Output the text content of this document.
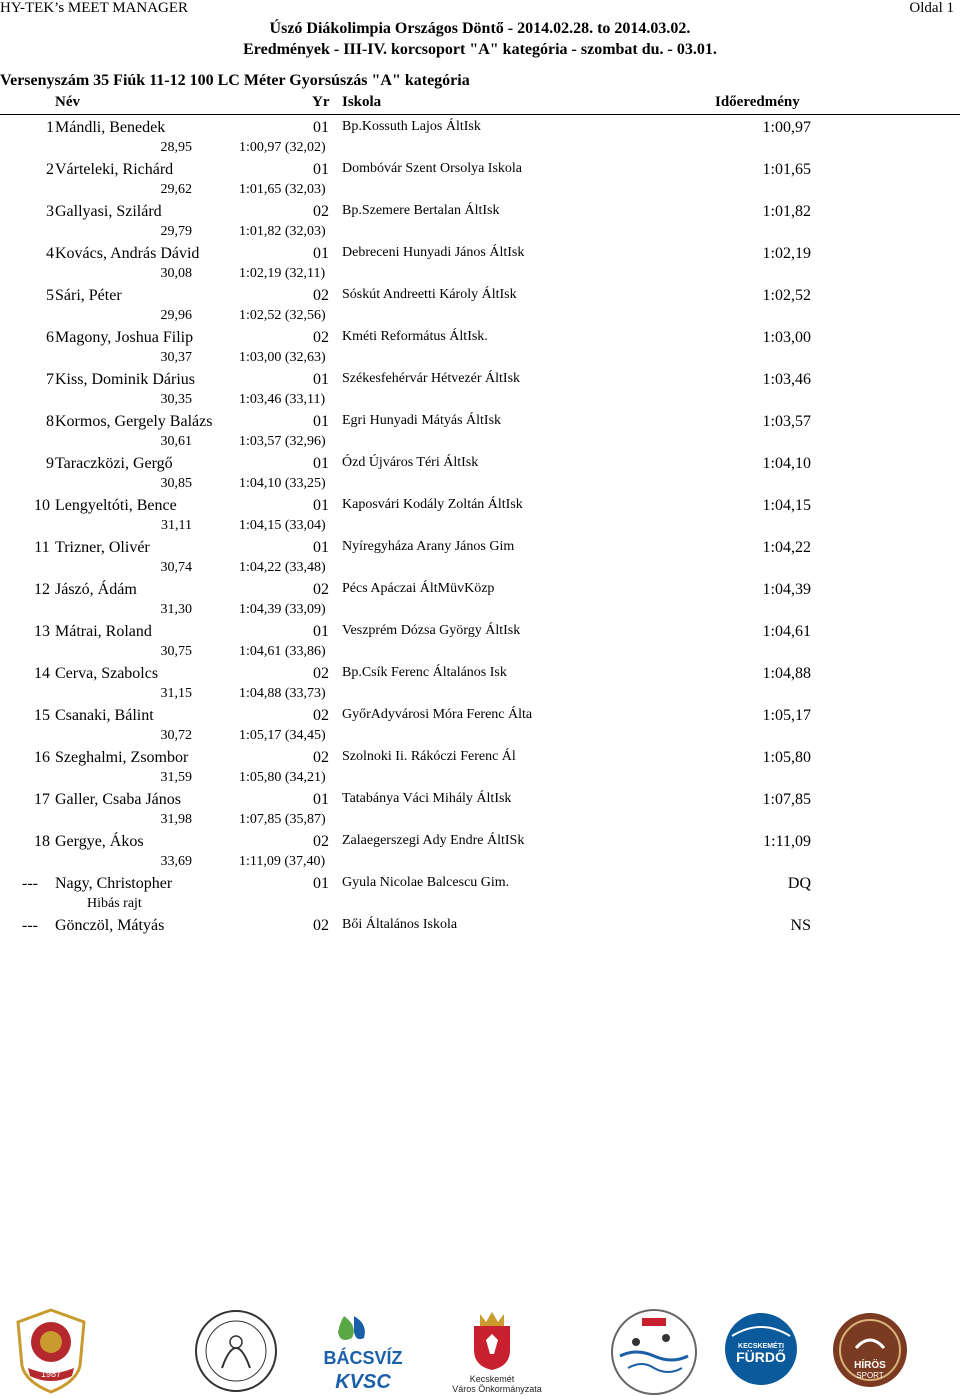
HY-TEK’s MEET MANAGER	Oldal 1
Úszó Diákolimpia Országos Döntő - 2014.02.28. to 2014.03.02.
Eredmények - III-IV. korcsoport "A" kategória - szombat du. - 03.01.
Versenyszám 35 Fiúk 11-12 100 LC Méter Gyorsúszás "A" kategória
Név	Yr Iskola	Időeredmény
1 Mándli, Benedek	01 Bp.Kossuth Lajos ÁltIsk	1:00,97
28,95	1:00,97 (32,02)
2 Várteleki, Richárd	01 Dombóvár Szent Orsolya Iskola	1:01,65
29,62	1:01,65 (32,03)
3 Gallyasi, Szilárd	02 Bp.Szemere Bertalan ÁltIsk	1:01,82
29,79	1:01,82 (32,03)
4 Kovács, András Dávid	01 Debreceni Hunyadi János ÁltIsk	1:02,19
30,08	1:02,19 (32,11)
5 Sári, Péter	02 Sóskút Andreetti Károly ÁltIsk	1:02,52
29,96	1:02,52 (32,56)
6 Magony, Joshua Filip	02 Kméti Református ÁltIsk.	1:03,00
30,37	1:03,00 (32,63)
7 Kiss, Dominik Dárius	01 Székesfehérvár Hétvezér ÁltIsk	1:03,46
30,35	1:03,46 (33,11)
8 Kormos, Gergely Balázs	01 Egri Hunyadi Mátyás ÁltIsk	1:03,57
30,61	1:03,57 (32,96)
9 Taraczközi, Gergő	01 Ózd Újváros Téri ÁltIsk	1:04,10
30,85	1:04,10 (33,25)
10 Lengyeltóti, Bence	01 Kaposvári Kodály Zoltán ÁltIsk	1:04,15
31,11	1:04,15 (33,04)
11 Trizner, Olivér	01 Nyíregyháza Arany János Gim	1:04,22
30,74	1:04,22 (33,48)
12 Jászó, Ádám	02 Pécs Apáczai ÁltMüvKözp	1:04,39
31,30	1:04,39 (33,09)
13 Mátrai, Roland	01 Veszprém Dózsa György ÁltIsk	1:04,61
30,75	1:04,61 (33,86)
14 Cerva, Szabolcs	02 Bp.Csík Ferenc Általános Isk	1:04,88
31,15	1:04,88 (33,73)
15 Csanaki, Bálint	02 GyőrAdyvárosi Móra Ferenc Álta	1:05,17
30,72	1:05,17 (34,45)
16 Szeghalmi, Zsombor	02 Szolnoki Ii. Rákóczi Ferenc Ál	1:05,80
31,59	1:05,80 (34,21)
17 Galler, Csaba János	01 Tatabánya Váci Mihály ÁltIsk	1:07,85
31,98	1:07,85 (35,87)
18 Gergye, Ákos	02 Zalaegerszegi Ady Endre ÁltISk	1:11,09
33,69	1:11,09 (37,40)
--- Nagy, Christopher	01 Gyula Nicolae Balcescu Gim.	DQ
Hibás rajt
--- Gönczöl, Mátyás	02 Bői Általános Iskola	NS
1987
BÁCSVÍZ
KVSC	Kecskemét
Város Önkormányzata
KECSKEMÉTI
FÜRDŐ
HÍRÖS
SPORT
